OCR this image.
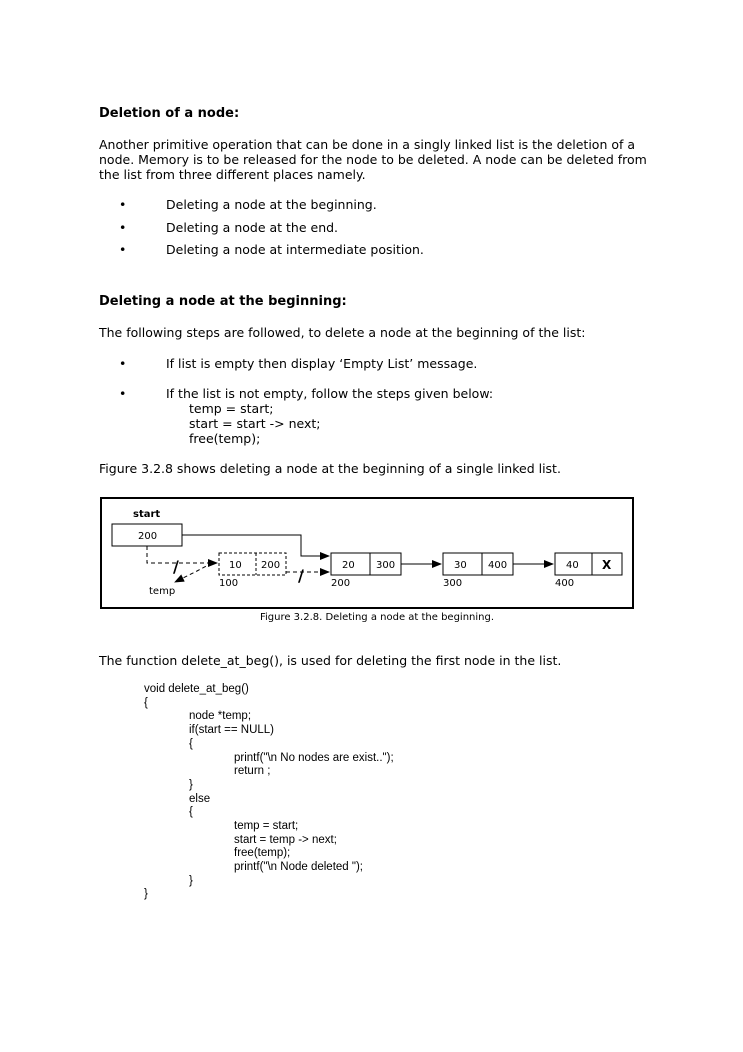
Deletion of a node:
Another primitive operation that can be done in a singly linked list is the deletion of a
node. Memory is to be released for the node to be deleted. A node can be deleted from
the list from three different places namely.
•	Deleting a node at the beginning.
•	Deleting a node at the end.
•	Deleting a node at intermediate position.
Deleting a node at the beginning:
The following steps are followed, to delete a node at the beginning of the list:
•	If list is empty then display ‘Empty List’ message.
•	If the list is not empty, follow the steps given below:
temp = start;
start = start -> next;
free(temp);
Figure 3.2.8 shows deleting a node at the beginning of a single linked list.
start
200
/
temp
10 200
100	/
20 300
200
30 400
300
40 X
400
Figure 3.2.8. Deleting a node at the beginning.
The function delete_at_beg(), is used for deleting the first node in the list.
void delete_at_beg()
{
node *temp;
if(start == NULL)
{
printf("\n No nodes are exist..");
return ;
}
else
{
temp = start;
start = temp -> next;
free(temp);
printf("\n Node deleted ");
}
}
